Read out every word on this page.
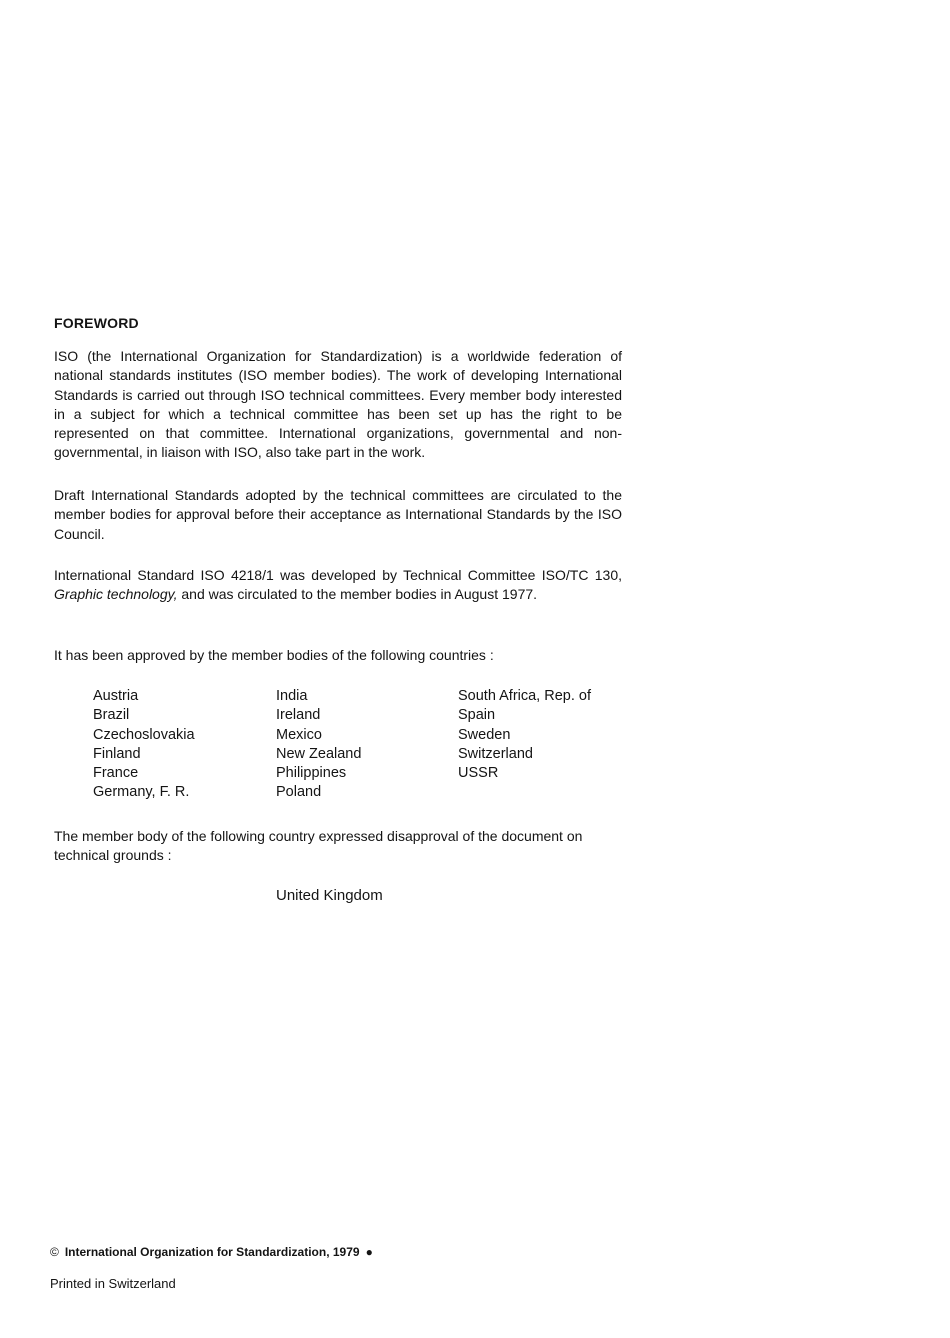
FOREWORD

ISO (the International Organization for Standardization) is a worldwide federation of national standards institutes (ISO member bodies). The work of developing International Standards is carried out through ISO technical committees. Every member body interested in a subject for which a technical committee has been set up has the right to be represented on that committee. International organizations, governmental and non-governmental, in liaison with ISO, also take part in the work.

Draft International Standards adopted by the technical committees are circulated to the member bodies for approval before their acceptance as International Standards by the ISO Council.

International Standard ISO 4218/1 was developed by Technical Committee ISO/TC 130, Graphic technology, and was circulated to the member bodies in August 1977.

It has been approved by the member bodies of the following countries :

Austria
Brazil
Czechoslovakia
Finland
France
Germany, F. R.
India
Ireland
Mexico
New Zealand
Philippines
Poland
South Africa, Rep. of
Spain
Sweden
Switzerland
USSR

The member body of the following country expressed disapproval of the document on technical grounds :

United Kingdom

© International Organization for Standardization, 1979 ●

Printed in Switzerland
